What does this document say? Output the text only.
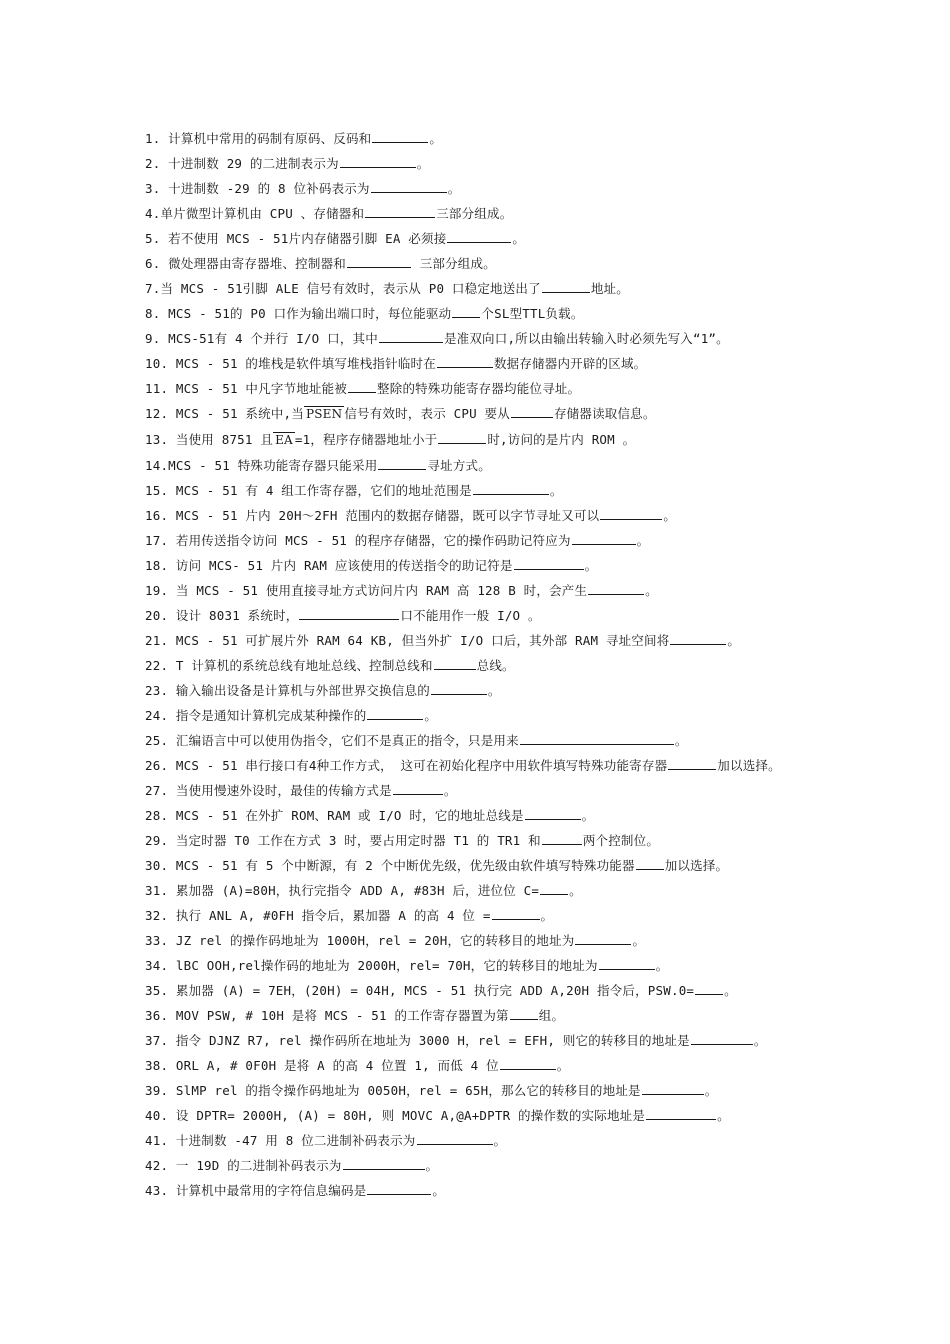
1. 计算机中常用的码制有原码、反码和	。
2. 十进制数 29 的二进制表示为	。
3. 十进制数 -29 的 8 位补码表示为	。
4.单片微型计算机由 CPU 、存储器和	三部分组成。
5. 若不使用 MCS - 51片内存储器引脚 EA 必须接	。
6. 微处理器由寄存器堆、控制器和	三部分组成。
7.当 MCS - 51引脚 ALE 信号有效时，表示从 P0 口稳定地送出了	地址。
8. MCS - 51的 P0 口作为输出端口时，每位能驱动 个SL型TTL负载。
9. MCS-51有 4 个并行 I/O 口，其中	是准双向口,所以由输出转输入时必须先写入“1”。
10. MCS - 51 的堆栈是软件填写堆栈指针临时在	数据存储器内开辟的区域。
11. MCS - 51 中凡字节地址能被 整除的特殊功能寄存器均能位寻址。
12. MCS - 51 系统中,当 PSEN 信号有效时，表示 CPU 要从	存储器读取信息。
13. 当使用 8751 且 EA =1，程序存储器地址小于	时,访问的是片内 ROM 。
14.MCS - 51 特殊功能寄存器只能采用	寻址方式。
15. MCS - 51 有 4 组工作寄存器，它们的地址范围是	。
16. MCS - 51 片内 20H～2FH 范围内的数据存储器，既可以字节寻址又可以	。
17. 若用传送指令访问 MCS - 51 的程序存储器，它的操作码助记符应为	。
18. 访问 MCS- 51 片内 RAM 应该使用的传送指令的助记符是	。
19. 当 MCS - 51 使用直接寻址方式访问片内 RAM 高 128 B 时，会产生	。
20. 设计 8031 系统时，	口不能用作一般 I/O 。
21. MCS - 51 可扩展片外 RAM 64 KB, 但当外扩 I/O 口后，其外部 RAM 寻址空间将	。
22. T 计算机的系统总线有地址总线、控制总线和	总线。
23. 输入输出设备是计算机与外部世界交换信息的	。
24. 指令是通知计算机完成某种操作的	。
25. 汇编语言中可以使用伪指令，它们不是真正的指令，只是用来	。
26. MCS - 51 串行接口有4种工作方式， 这可在初始化程序中用软件填写特殊功能寄存器	加以选择。
27. 当使用慢速外设时，最佳的传输方式是	。
28. MCS - 51 在外扩 ROM、RAM 或 I/O 时，它的地址总线是	。
29. 当定时器 T0 工作在方式 3 时，要占用定时器 T1 的 TR1 和	两个控制位。
30. MCS - 51 有 5 个中断源，有 2 个中断优先级，优先级由软件填写特殊功能器 加以选择。
31. 累加器 (A)=80H，执行完指令 ADD A, #83H 后，进位位 C= 。
32. 执行 ANL A, #0FH 指令后，累加器 A 的高 4 位 =	。
33. JZ rel 的操作码地址为 1000H，rel = 20H，它的转移目的地址为	。
34. lBC OOH,rel操作码的地址为 2000H，rel= 70H，它的转移目的地址为	。
35. 累加器 (A) = 7EH，(20H) = 04H, MCS - 51 执行完 ADD A,20H 指令后，PSW.0= 。
36. MOV PSW, # 10H 是将 MCS - 51 的工作寄存器置为第 组。
37. 指令 DJNZ R7, rel 操作码所在地址为 3000 H，rel = EFH, 则它的转移目的地址是	。
38. ORL A, # 0F0H 是将 A 的高 4 位置 1, 而低 4 位	。
39. SlMP rel 的指令操作码地址为 0050H，rel = 65H，那么它的转移目的地址是	。
40. 设 DPTR= 2000H, (A) = 80H, 则 MOVC A,@A+DPTR 的操作数的实际地址是	。
41. 十进制数 -47 用 8 位二进制补码表示为	。
42. 一 19D 的二进制补码表示为	。
43. 计算机中最常用的字符信息编码是	。
